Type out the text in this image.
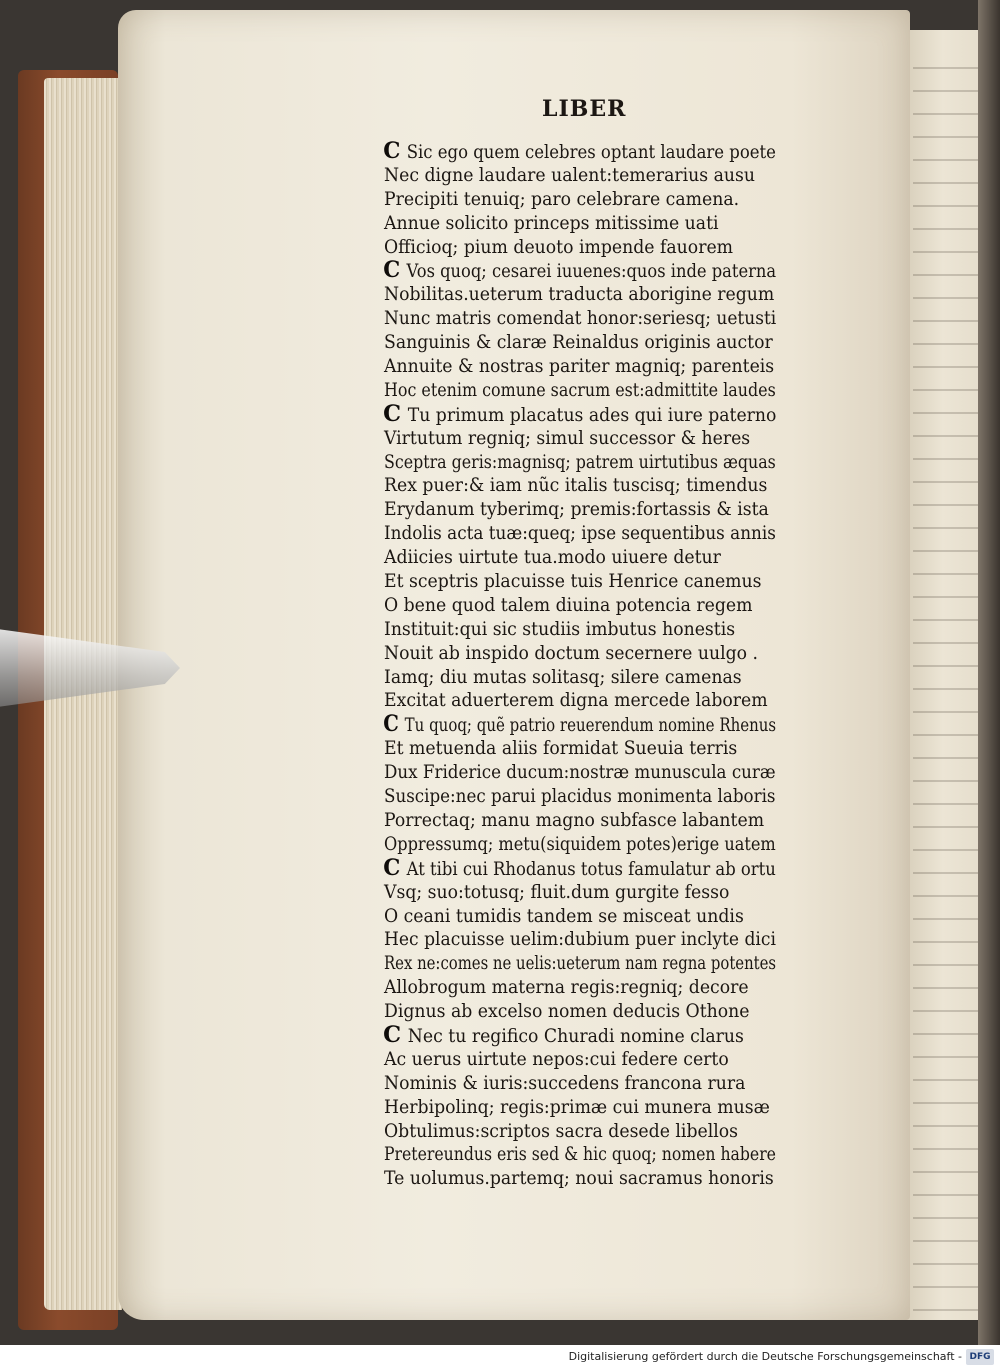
LIBER
C Sic ego quem celebres optant laudare poete
Nec digne laudare ualent:temerarius ausu
Precipiti tenuiq; paro celebrare camena.
Annue solicito princeps mitissime uati
Officioq; pium deuoto impende fauorem
C Vos quoq; cesarei iuuenes:quos inde paterna
Nobilitas.ueterum traducta aborigine regum
Nunc matris comendat honor:seriesq; uetusti
Sanguinis & claræ Reinaldus originis auctor
Annuite & nostras pariter magniq; parenteis
Hoc etenim comune sacrum est:admittite laudes
C Tu primum placatus ades qui iure paterno
Virtutum regniq; simul successor & heres
Sceptra geris:magnisq; patrem uirtutibus æquas
Rex puer:& iam nũc italis tuscisq; timendus
Erydanum tyberimq; premis:fortassis & ista
Indolis acta tuæ:queq; ipse sequentibus annis
Adiicies uirtute tua.modo uiuere detur
Et sceptris placuisse tuis Henrice canemus
O bene quod talem diuina potencia regem
Instituit:qui sic studiis imbutus honestis
Nouit ab inspido doctum secernere uulgo .
Iamq; diu mutas solitasq; silere camenas
Excitat aduerterem digna mercede laborem
C Tu quoq; quẽ patrio reuerendum nomine Rhenus
Et metuenda aliis formidat Sueuia terris
Dux Friderice ducum:nostræ munuscula curæ
Suscipe:nec parui placidus monimenta laboris
Porrectaq; manu magno subfasce labantem
Oppressumq; metu(siquidem potes)erige uatem
C At tibi cui Rhodanus totus famulatur ab ortu
Vsq; suo:totusq; fluit.dum gurgite fesso
O ceani tumidis tandem se misceat undis
Hec placuisse uelim:dubium puer inclyte dici
Rex ne:comes ne uelis:ueterum nam regna potentes
Allobrogum materna regis:regniq; decore
Dignus ab excelso nomen deducis Othone
C Nec tu regifico Churadi nomine clarus
Ac uerus uirtute nepos:cui federe certo
Nominis & iuris:succedens francona rura
Herbipolinq; regis:primæ cui munera musæ
Obtulimus:scriptos sacra desede libellos
Pretereundus eris sed & hic quoq; nomen habere
Te uolumus.partemq; noui sacramus honoris
Digitalisierung gefördert durch die Deutsche Forschungsgemeinschaft - DFG
